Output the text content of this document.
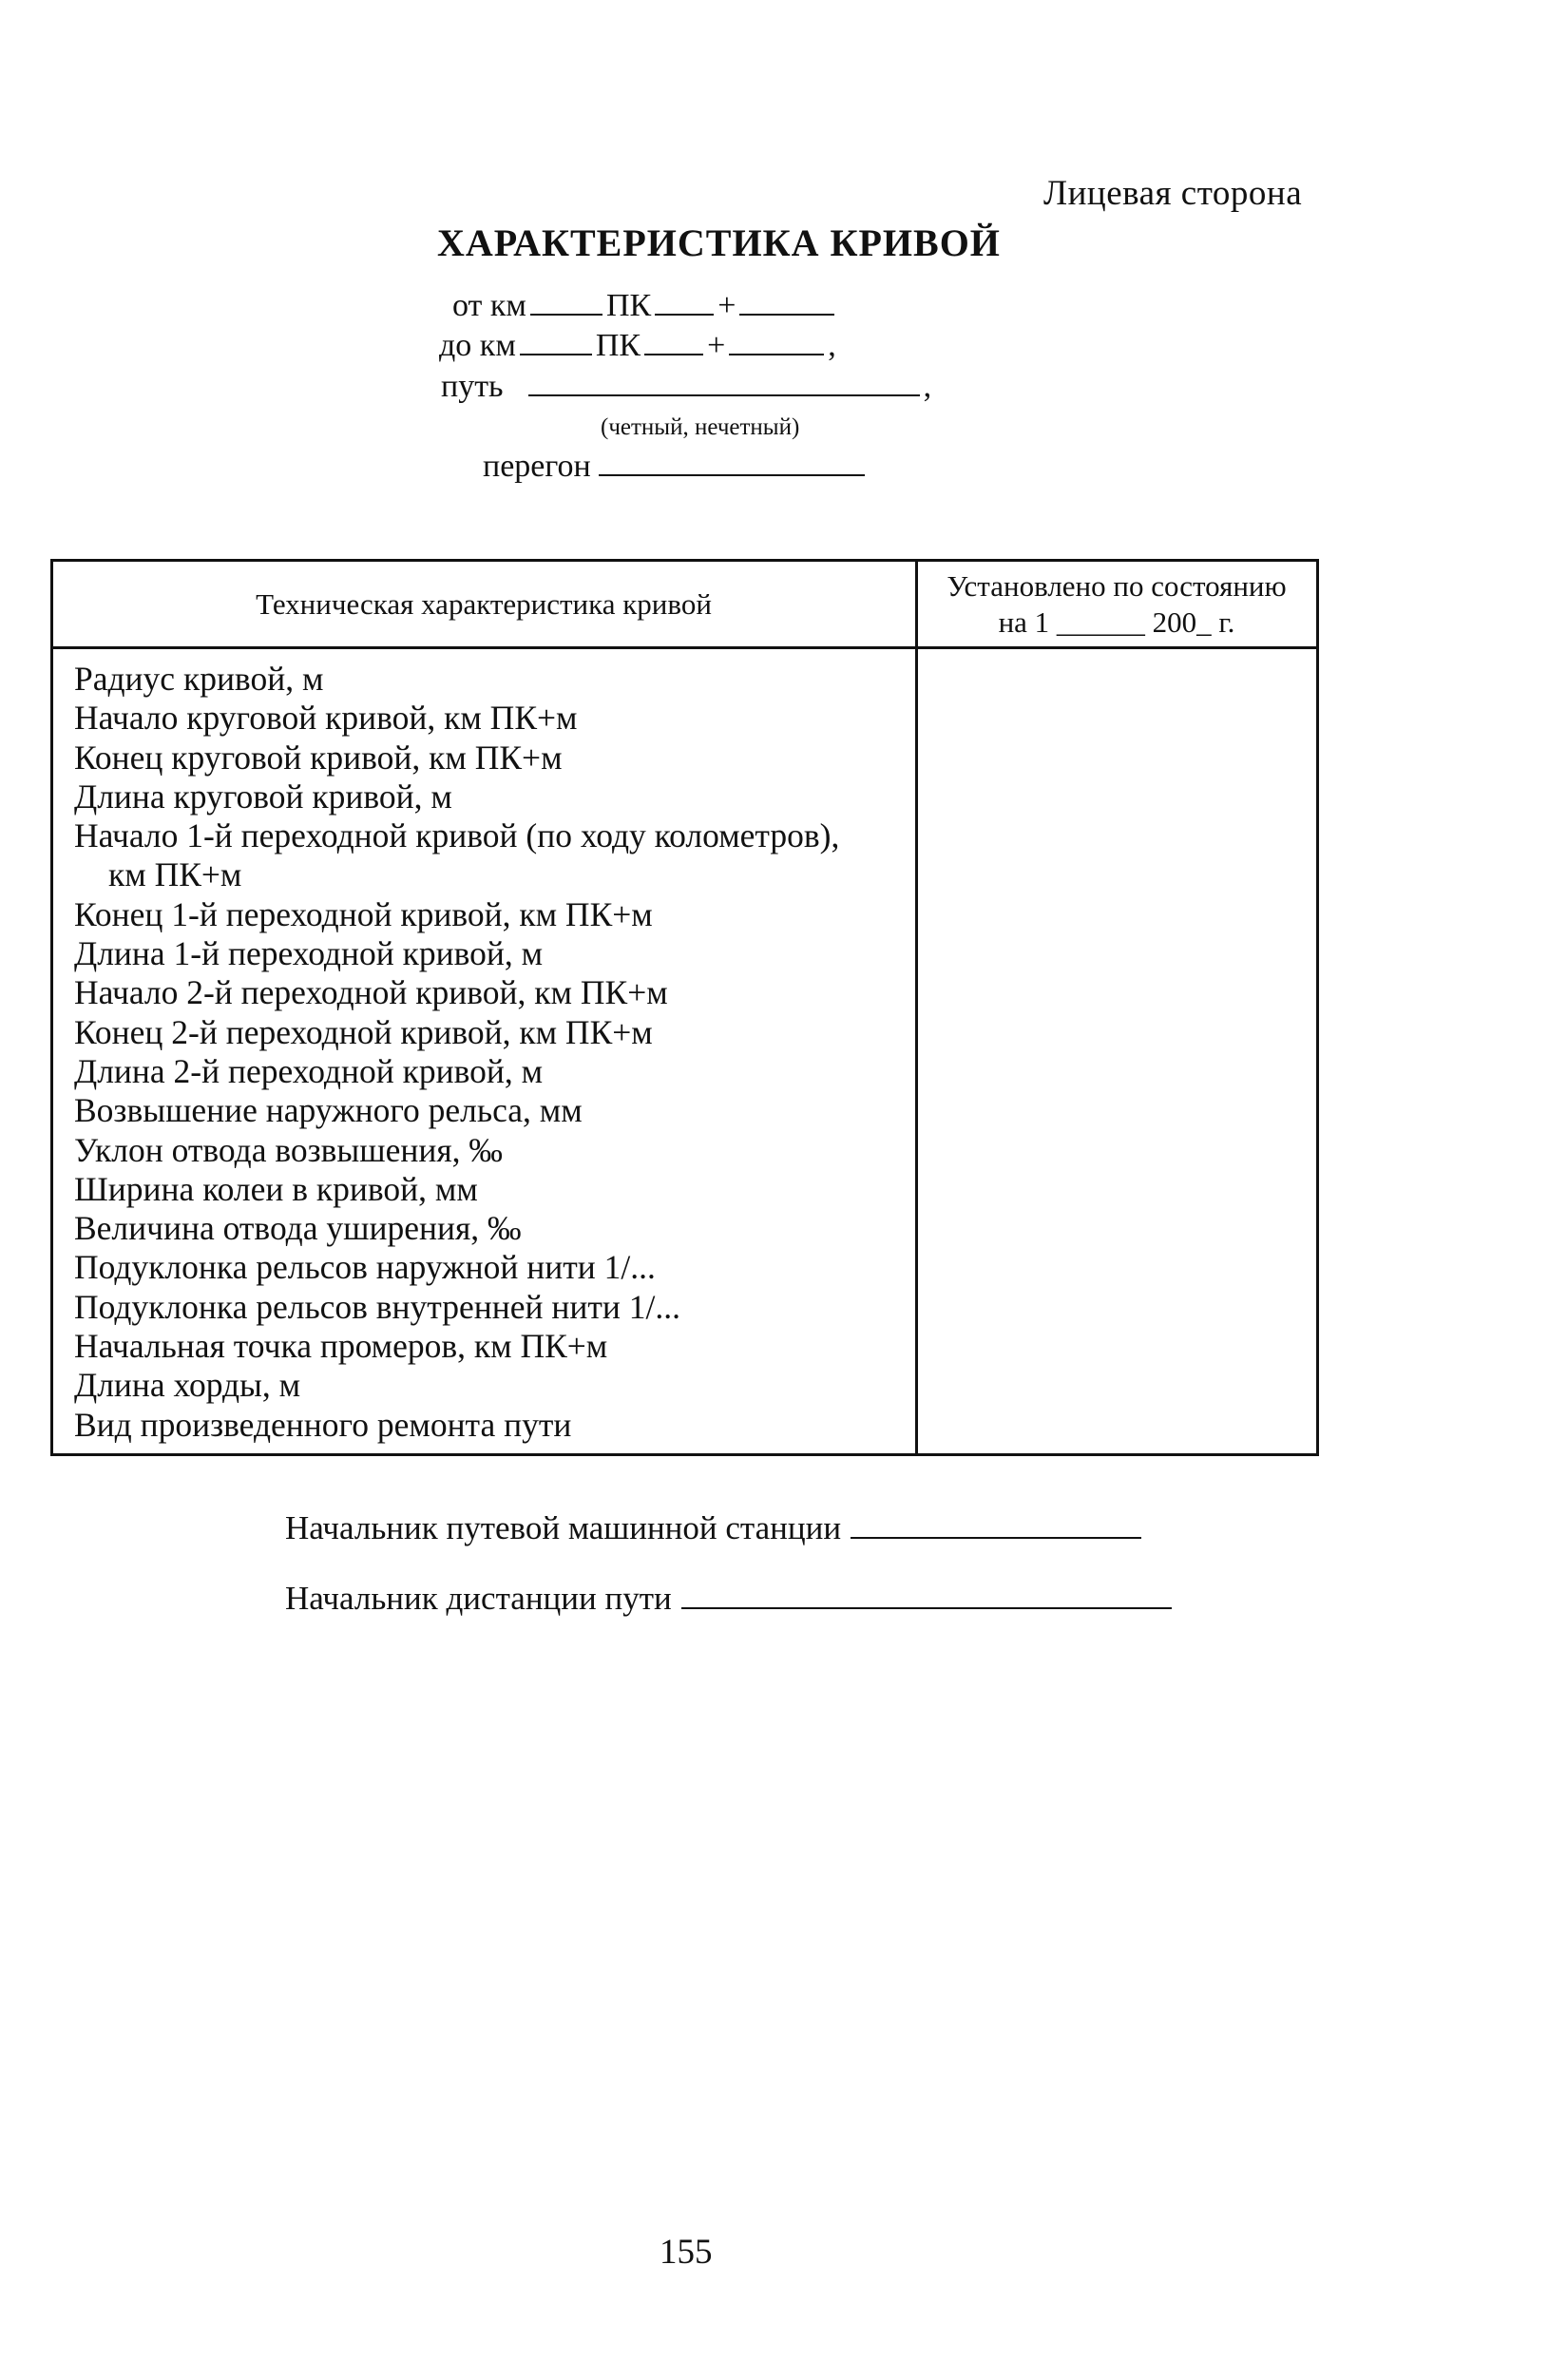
Лицевая сторона
ХАРАКТЕРИСТИКА КРИВОЙ
от км ПК +
до км ПК +	,
путь	,
(четный, нечетный)
перегон
Техническая характеристика кривой
Установлено по состоянию
на 1 ______ 200_ г.
Радиус кривой, м
Начало круговой кривой, км ПК+м
Конец круговой кривой, км ПК+м
Длина круговой кривой, м
Начало 1-й переходной кривой (по ходу колометров),
км ПК+м
Конец 1-й переходной кривой, км ПК+м
Длина 1-й переходной кривой, м
Начало 2-й переходной кривой, км ПК+м
Конец 2-й переходной кривой, км ПК+м
Длина 2-й переходной кривой, м
Возвышение наружного рельса, мм
Уклон отвода возвышения, ‰
Ширина колеи в кривой, мм
Величина отвода уширения, ‰
Подуклонка рельсов наружной нити 1/...
Подуклонка рельсов внутренней нити 1/...
Начальная точка промеров, км ПК+м
Длина хорды, м
Вид произведенного ремонта пути
Начальник путевой машинной станции
Начальник дистанции пути
155
